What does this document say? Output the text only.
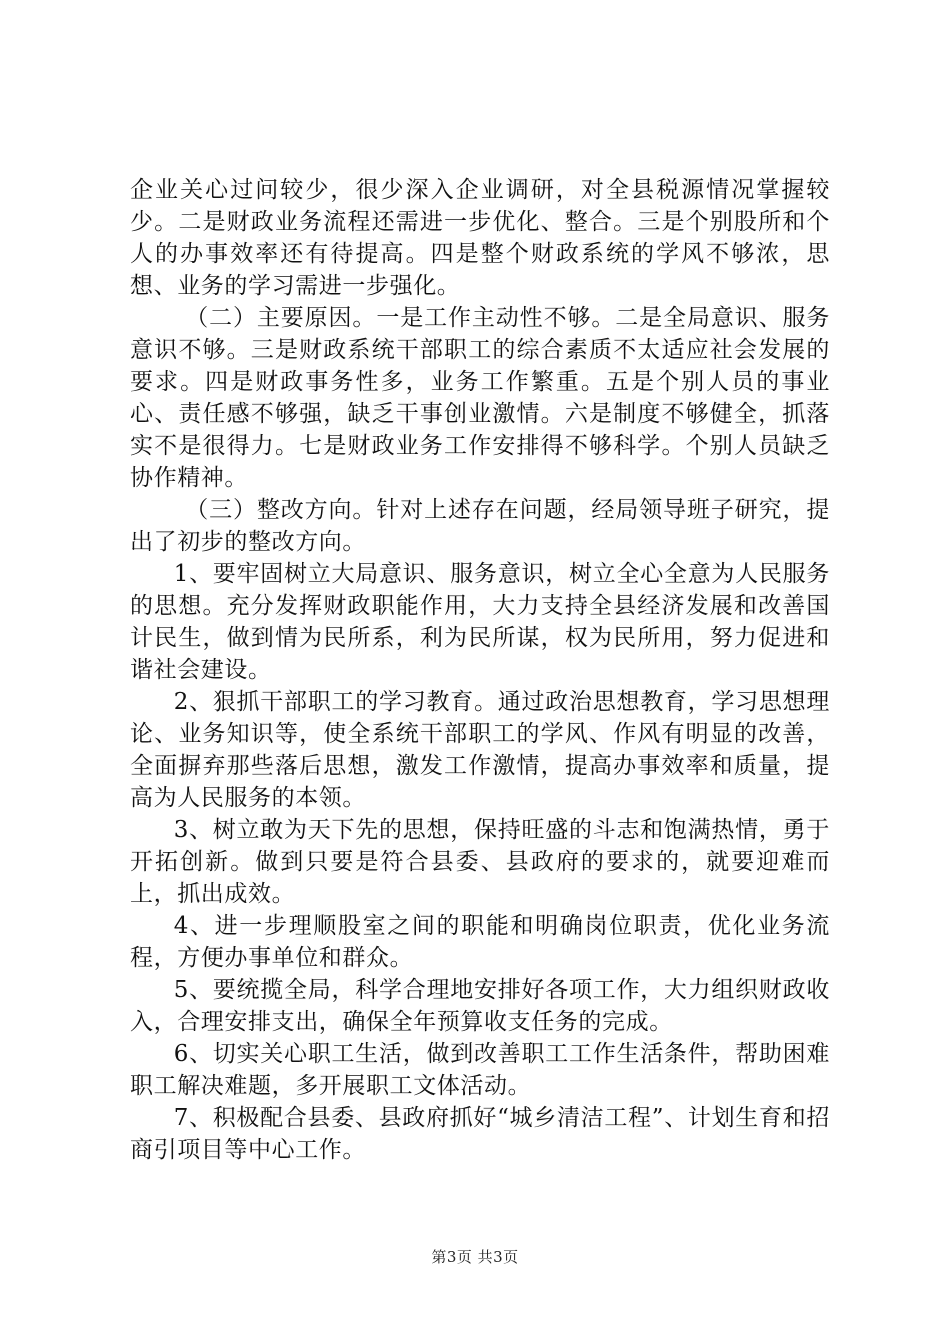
企业关心过问较少，很少深入企业调研，对全县税源情况掌握较少。二是财政业务流程还需进一步优化、整合。三是个别股所和个人的办事效率还有待提高。四是整个财政系统的学风不够浓，思想、业务的学习需进一步强化。

（二）主要原因。一是工作主动性不够。二是全局意识、服务意识不够。三是财政系统干部职工的综合素质不太适应社会发展的要求。四是财政事务性多，业务工作繁重。五是个别人员的事业心、责任感不够强，缺乏干事创业激情。六是制度不够健全，抓落实不是很得力。七是财政业务工作安排得不够科学。个别人员缺乏协作精神。

（三）整改方向。针对上述存在问题，经局领导班子研究，提出了初步的整改方向。

1、要牢固树立大局意识、服务意识，树立全心全意为人民服务的思想。充分发挥财政职能作用，大力支持全县经济发展和改善国计民生，做到情为民所系，利为民所谋，权为民所用，努力促进和谐社会建设。

2、狠抓干部职工的学习教育。通过政治思想教育，学习思想理论、业务知识等，使全系统干部职工的学风、作风有明显的改善，全面摒弃那些落后思想，激发工作激情，提高办事效率和质量，提高为人民服务的本领。

3、树立敢为天下先的思想，保持旺盛的斗志和饱满热情，勇于开拓创新。做到只要是符合县委、县政府的要求的，就要迎难而上，抓出成效。

4、进一步理顺股室之间的职能和明确岗位职责，优化业务流程，方便办事单位和群众。

5、要统揽全局，科学合理地安排好各项工作，大力组织财政收入，合理安排支出，确保全年预算收支任务的完成。

6、切实关心职工生活，做到改善职工工作生活条件，帮助困难职工解决难题，多开展职工文体活动。

7、积极配合县委、县政府抓好“城乡清洁工程”、计划生育和招商引项目等中心工作。

第3页 共3页
